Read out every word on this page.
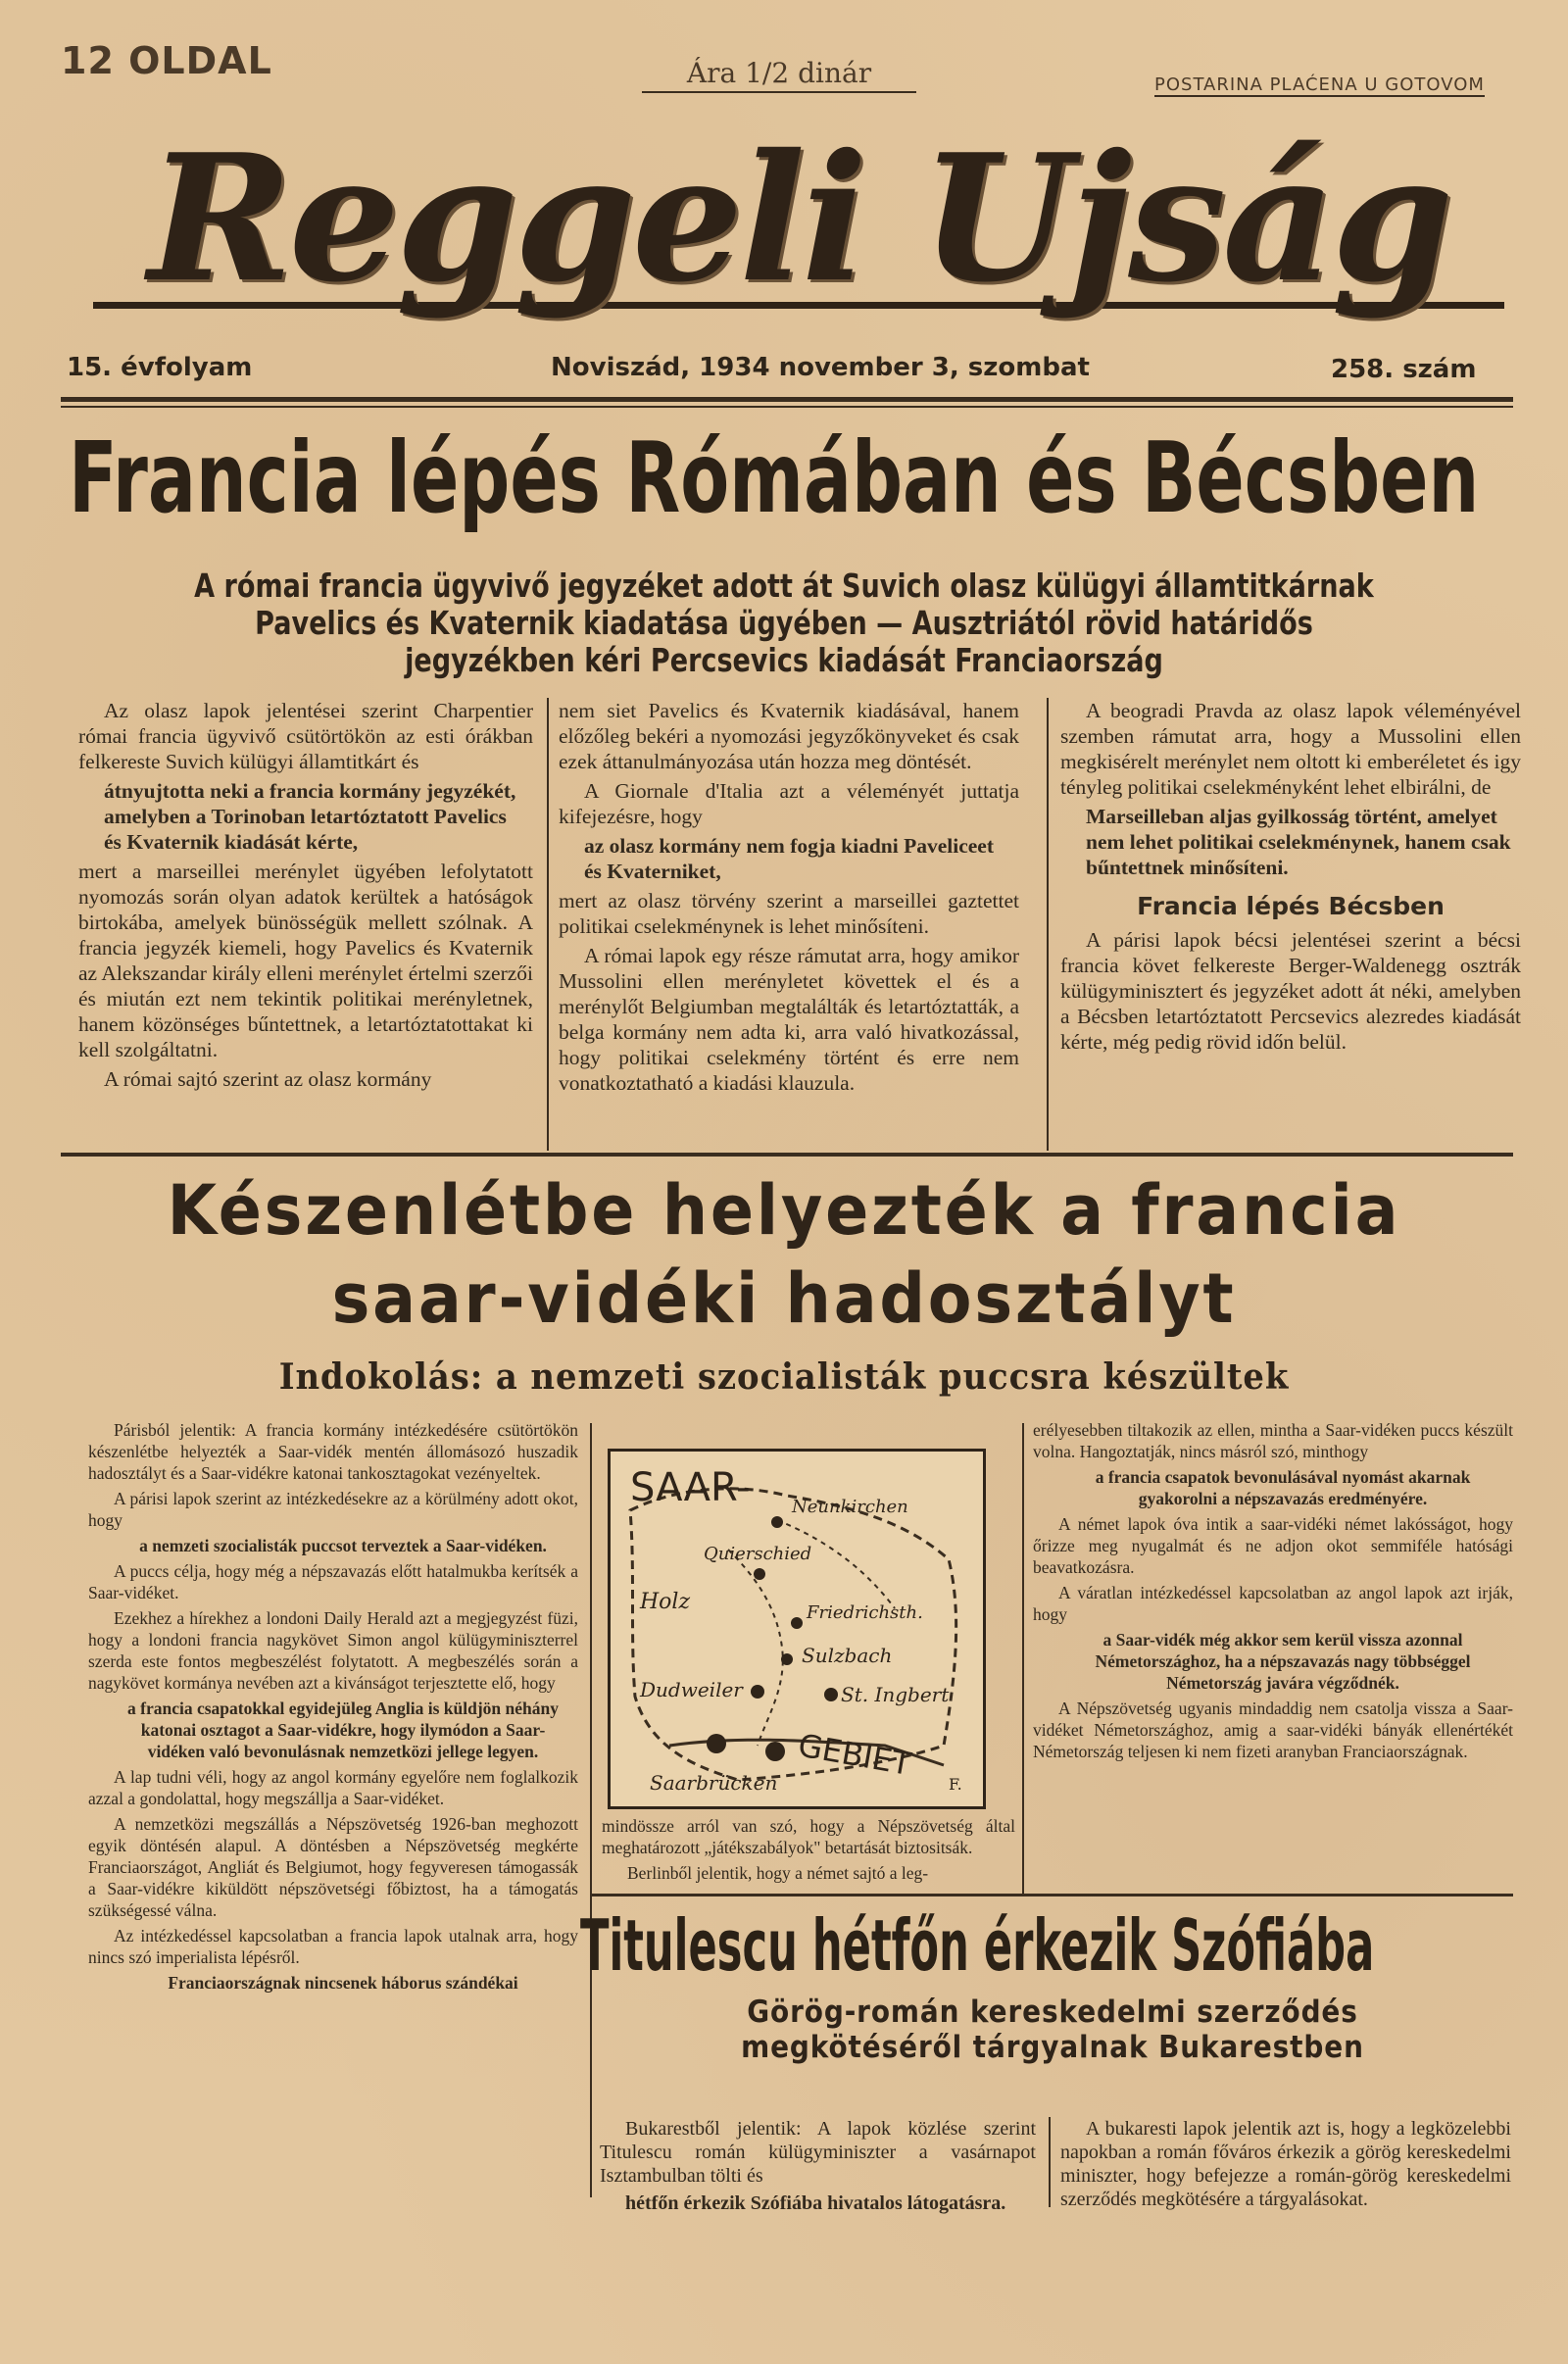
12 OLDAL	Ára 1/2 dinár	POSTARINA PLAĆENA U GOTOVOM
Reggeli Ujság
15. évfolyam	Noviszád, 1934 november 3, szombat	258. szám
Francia lépés Rómában és Bécsben
A római francia ügyvivő jegyzéket adott át Suvich olasz külügyi államtitkárnak
Pavelics és Kvaternik kiadatása ügyében — Ausztriától rövid határidős
jegyzékben kéri Percsevics kiadását Franciaország

Az olasz lapok jelentései szerint Charpentier római francia ügyvivő csütörtökön az esti órákban felkereste Suvich külügyi államtitkárt és

átnyujtotta neki a francia kormány jegyzékét, amelyben a Torinoban letartóztatott Pavelics és Kvaternik kiadását kérte,

mert a marseillei merénylet ügyében lefolytatott nyomozás során olyan adatok kerültek a hatóságok birtokába, amelyek bünösségük mellett szólnak. A francia jegyzék kiemeli, hogy Pavelics és Kvaternik az Alekszandar király elleni merénylet értelmi szerzői és miután ezt nem tekintik politikai merényletnek, hanem közönséges bűntettnek, a letartóztatottakat ki kell szolgáltatni.

A római sajtó szerint az olasz kormány

nem siet Pavelics és Kvaternik kiadásával, hanem előzőleg bekéri a nyomozási jegyzőkönyveket és csak ezek áttanulmányozása után hozza meg döntését.

A Giornale d'Italia azt a véleményét juttatja kifejezésre, hogy

az olasz kormány nem fogja kiadni Paveliceet és Kvaterniket,

mert az olasz törvény szerint a marseillei gaztettet politikai cselekménynek is lehet minősíteni.

A római lapok egy része rámutat arra, hogy amikor Mussolini ellen merényletet követtek el és a merénylőt Belgiumban megtalálták és letartóztatták, a belga kormány nem adta ki, arra való hivatkozással, hogy politikai cselekmény történt és erre nem vonatkoztatható a kiadási klauzula.

A beogradi Pravda az olasz lapok véleményével szemben rámutat arra, hogy a Mussolini ellen megkisérelt merénylet nem oltott ki emberéletet és igy tényleg politikai cselekményként lehet elbirálni, de

Marseilleban aljas gyilkosság történt, amelyet nem lehet politikai cselekménynek, hanem csak bűntettnek minősíteni.

Francia lépés Bécsben

A párisi lapok bécsi jelentései szerint a bécsi francia követ felkereste Berger-Waldenegg osztrák külügyminisztert és jegyzéket adott át néki, amelyben a Bécsben letartóztatott Percsevics alezredes kiadását kérte, még pedig rövid időn belül.

Készenlétbe helyezték a francia
saar-vidéki hadosztályt
Indokolás: a nemzeti szocialisták puccsra készültek

Párisból jelentik: A francia kormány intézkedésére csütörtökön készenlétbe helyezték a Saar-vidék mentén állomásozó huszadik hadosztályt és a Saar-vidékre katonai tankosztagokat vezényeltek.

A párisi lapok szerint az intézkedésekre az a körülmény adott okot, hogy

a nemzeti szocialisták puccsot terveztek a Saar-vidéken.

A puccs célja, hogy még a népszavazás előtt hatalmukba kerítsék a Saar-vidéket.

Ezekhez a hírekhez a londoni Daily Herald azt a megjegyzést füzi, hogy a londoni francia nagykövet Simon angol külügyminiszterrel szerda este fontos megbeszélést folytatott. A megbeszélés során a nagykövet kormánya nevében azt a kivánságot terjesztette elő, hogy

a francia csapatokkal egyidejüleg Anglia is küldjön néhány katonai osztagot a Saar-vidékre, hogy ilymódon a Saar-vidéken való bevonulásnak nemzetközi jellege legyen.

A lap tudni véli, hogy az angol kormány egyelőre nem foglalkozik azzal a gondolattal, hogy megszállja a Saar-vidéket.

A nemzetközi megszállás a Népszövetség 1926-ban meghozott egyik döntésén alapul. A döntésben a Népszövetség megkérte Franciaországot, Angliát és Belgiumot, hogy fegyveresen támogassák a Saar-vidékre kiküldött népszövetségi főbiztost, ha a támogatás szükségessé válna.

Az intézkedéssel kapcsolatban a francia lapok utalnak arra, hogy nincs szó imperialista lépésről.

Franciaországnak nincsenek háborus szándékai

SAAR- Neunkirchen
Quierschied
Holz	Friedrichsth.
Sulzbach
Dudweiler	St. Ingbert
GEBIET
Saarbrücken	F.

mindössze arról van szó, hogy a Népszövetség által meghatározott „játékszabályok" betartását biztositsák.

Berlinből jelentik, hogy a német sajtó a leg-

erélyesebben tiltakozik az ellen, mintha a Saar-vidéken puccs készült volna. Hangoztatják, nincs másról szó, minthogy

a francia csapatok bevonulásával nyomást akarnak gyakorolni a népszavazás eredményére.

A német lapok óva intik a saar-vidéki német lakósságot, hogy őrizze meg nyugalmát és ne adjon okot semmiféle hatósági beavatkozásra.

A váratlan intézkedéssel kapcsolatban az angol lapok azt irják, hogy

a Saar-vidék még akkor sem kerül vissza azonnal Németországhoz, ha a népszavazás nagy többséggel Németország javára végződnék.

A Népszövetség ugyanis mindaddig nem csatolja vissza a Saar-vidéket Németországhoz, amig a saar-vidéki bányák ellenértékét Németország teljesen ki nem fizeti aranyban Franciaországnak.

Titulescu hétfőn érkezik Szófiába
Görög-román kereskedelmi szerződés
megkötéséről tárgyalnak Bukarestben

Bukarestből jelentik: A lapok közlése szerint Titulescu román külügyminiszter a vasárnapot Isztambulban tölti és

hétfőn érkezik Szófiába hivatalos látogatásra.

A bukaresti lapok jelentik azt is, hogy a legközelebbi napokban a román főváros érkezik a görög kereskedelmi miniszter, hogy befejezze a román-görög kereskedelmi szerződés megkötésére a tárgyalásokat.
